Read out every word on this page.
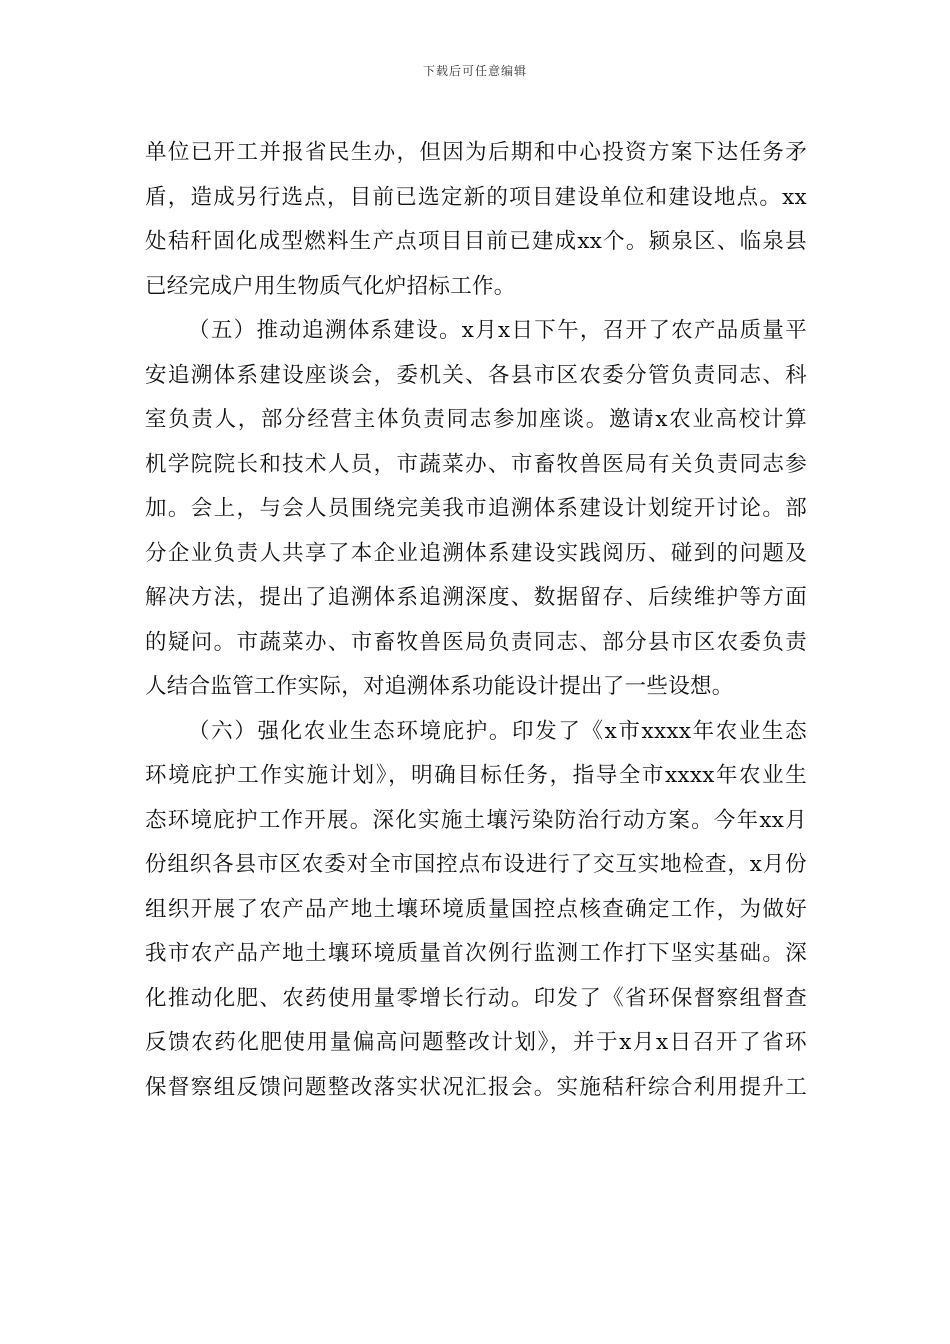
下载后可任意编辑
单位已开工并报省民生办，但因为后期和中心投资方案下达任务矛
盾，造成另行选点，目前已选定新的项目建设单位和建设地点。xx
处秸秆固化成型燃料生产点项目目前已建成xx个。颍泉区、临泉县
已经完成户用生物质气化炉招标工作。
（五）推动追溯体系建设。x月x日下午，召开了农产品质量平
安追溯体系建设座谈会，委机关、各县市区农委分管负责同志、科
室负责人，部分经营主体负责同志参加座谈。邀请x农业高校计算
机学院院长和技术人员，市蔬菜办、市畜牧兽医局有关负责同志参
加。会上，与会人员围绕完美我市追溯体系建设计划绽开讨论。部
分企业负责人共享了本企业追溯体系建设实践阅历、碰到的问题及
解决方法，提出了追溯体系追溯深度、数据留存、后续维护等方面
的疑问。市蔬菜办、市畜牧兽医局负责同志、部分县市区农委负责
人结合监管工作实际，对追溯体系功能设计提出了一些设想。
（六）强化农业生态环境庇护。印发了《x市xxxx年农业生态
环境庇护工作实施计划》，明确目标任务，指导全市xxxx年农业生
态环境庇护工作开展。深化实施土壤污染防治行动方案。今年xx月
份组织各县市区农委对全市国控点布设进行了交互实地检查，x月份
组织开展了农产品产地土壤环境质量国控点核查确定工作，为做好
我市农产品产地土壤环境质量首次例行监测工作打下坚实基础。深
化推动化肥、农药使用量零增长行动。印发了《省环保督察组督查
反馈农药化肥使用量偏高问题整改计划》，并于x月x日召开了省环
保督察组反馈问题整改落实状况汇报会。实施秸秆综合利用提升工
